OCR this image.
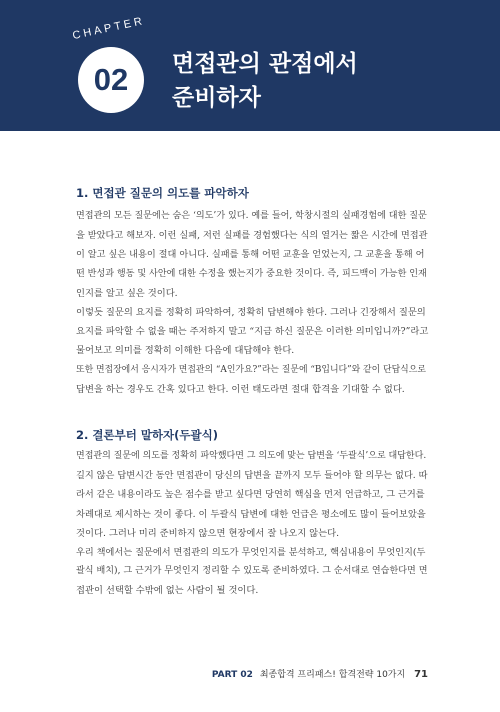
CHAPTER
02 면접관의 관점에서
준비하자
1. 면접관 질문의 의도를 파악하자
면접관의 모든 질문에는 숨은 ‘의도’가 있다. 예를 들어, 학창시절의 실패경험에 대한 질문
을 받았다고 해보자. 이런 실패, 저런 실패를 경험했다는 식의 열거는 짧은 시간에 면접관
이 알고 싶은 내용이 절대 아니다. 실패를 통해 어떤 교훈을 얻었는지, 그 교훈을 통해 어
떤 반성과 행동 및 사안에 대한 수정을 했는지가 중요한 것이다. 즉, 피드백이 가능한 인재
인지를 알고 싶은 것이다.
이렇듯 질문의 요지를 정확히 파악하여, 정확히 답변해야 한다. 그러나 긴장해서 질문의
요지를 파악할 수 없을 때는 주저하지 말고 “지금 하신 질문은 이러한 의미입니까?”라고
물어보고 의미를 정확히 이해한 다음에 대답해야 한다.
또한 면접장에서 응시자가 면접관의 “A인가요?”라는 질문에 “B입니다”와 같이 단답식으로
답변을 하는 경우도 간혹 있다고 한다. 이런 태도라면 절대 합격을 기대할 수 없다.
2. 결론부터 말하자(두괄식)
면접관의 질문에 의도를 정확히 파악했다면 그 의도에 맞는 답변을 ‘두괄식’으로 대답한다.
길지 않은 답변시간 동안 면접관이 당신의 답변을 끝까지 모두 들어야 할 의무는 없다. 따
라서 같은 내용이라도 높은 점수를 받고 싶다면 당연히 핵심을 먼저 언급하고, 그 근거를
차례대로 제시하는 것이 좋다. 이 두괄식 답변에 대한 언급은 평소에도 많이 들어보았을
것이다. 그러나 미리 준비하지 않으면 현장에서 잘 나오지 않는다.
우리 책에서는 질문에서 면접관의 의도가 무엇인지를 분석하고, 핵심내용이 무엇인지(두
괄식 배치), 그 근거가 무엇인지 정리할 수 있도록 준비하였다. 그 순서대로 연습한다면 면
접관이 선택할 수밖에 없는 사람이 될 것이다.
PART 02 최종합격 프리패스! 합격전략 10가지 71
